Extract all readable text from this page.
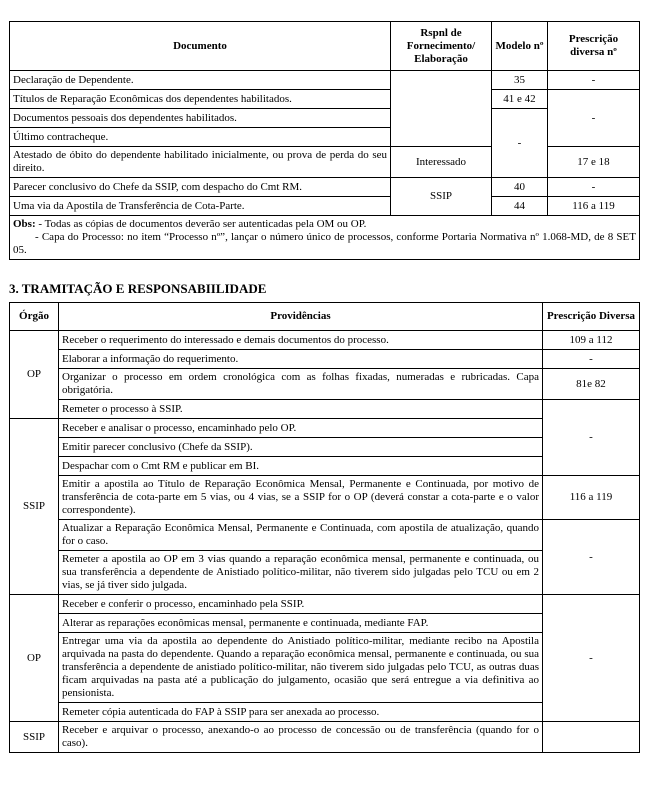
Documento	Rspnl de Fornecimento/ Elaboração	Modelo nº	Prescrição diversa nº
Declaração de Dependente.		35	-
Títulos de Reparação Econômicas dos dependentes habilitados.		41 e 42	-
Documentos pessoais dos dependentes habilitados.		-	
Último contracheque.			
Atestado de óbito do dependente habilitado inicialmente, ou prova de perda do seu direito.	Interessado		17 e 18
Parecer conclusivo do Chefe da SSIP, com despacho do Cmt RM.	SSIP	40	-
Uma via da Apostila de Transferência de Cota-Parte.		44	116 a 119
Obs: - Todas as cópias de documentos deverão ser autenticadas pela OM ou OP.
- Capa do Processo: no item “Processo nº”, lançar o número único de processos, conforme Portaria Normativa nº 1.068-MD, de 8 SET 05.			
3. TRAMITAÇÃO E RESPONSABIILIDADE
Órgão	Providências	Prescrição Diversa
OP	Receber o requerimento do interessado e demais documentos do processo.	109 a 112
	Elaborar a informação do requerimento.	-
	Organizar o processo em ordem cronológica com as folhas fixadas, numeradas e rubricadas. Capa obrigatória.	81e 82
	Remeter o processo à SSIP.	-
SSIP	Receber e analisar o processo, encaminhado pelo OP.	
	Emitir parecer conclusivo (Chefe da SSIP).	
	Despachar com o Cmt RM e publicar em BI.	
	Emitir a apostila ao Título de Reparação Econômica Mensal, Permanente e Continuada, por motivo de transferência de cota-parte em 5 vias, ou 4 vias, se a SSIP for o OP (deverá constar a cota-parte e o valor correspondente).	116 a 119
	Atualizar a Reparação Econômica Mensal, Permanente e Continuada, com apostila de atualização, quando for o caso.	-
	Remeter a apostila ao OP em 3 vias quando a reparação econômica mensal, permanente e continuada, ou sua transferência a dependente de Anistiado político-militar, não tiverem sido julgadas pelo TCU ou em 2 vias, se já tiver sido julgada.	
OP	Receber e conferir o processo, encaminhado pela SSIP.	-
	Alterar as reparações econômicas mensal, permanente e continuada, mediante FAP.	
	Entregar uma via da apostila ao dependente do Anistiado político-militar, mediante recibo na Apostila arquivada na pasta do dependente. Quando a reparação econômica mensal, permanente e continuada, ou sua transferência a dependente de anistiado político-militar, não tiverem sido julgadas pelo TCU, as outras duas ficam arquivadas na pasta até a publicação do julgamento, ocasião que será entregue a via definitiva ao pensionista.	
	Remeter cópia autenticada do FAP à SSIP para ser anexada ao processo.	
SSIP	Receber e arquivar o processo, anexando-o ao processo de concessão ou de transferência (quando for o caso).	
